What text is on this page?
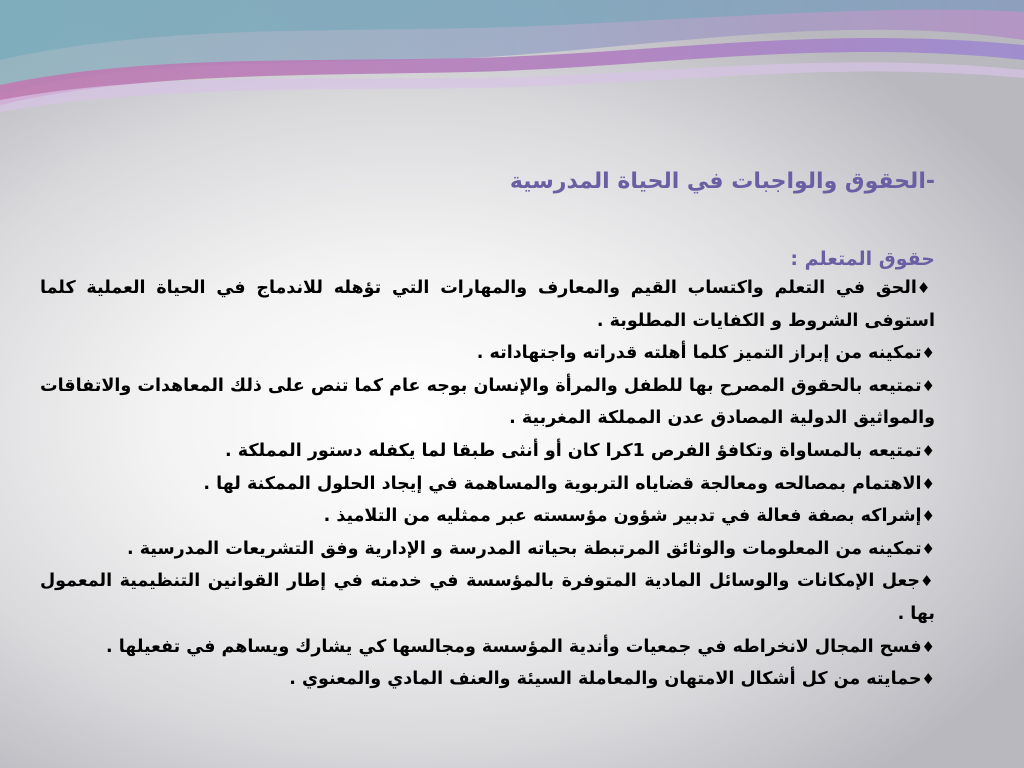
-الحقوق والواجبات في الحياة المدرسية
حقوق المتعلم :
♦الحق في التعلم واكتساب القيم والمعارف والمهارات التي تؤهله للاندماج في الحياة العملية كلما استوفى الشروط و الكفايات المطلوبة .
♦تمكينه من إبراز التميز كلما أهلته قدراته واجتهاداته .
♦تمتيعه بالحقوق المصرح بها للطفل والمرأة والإنسان بوجه عام كما تنص على ذلك المعاهدات والاتفاقات والمواثيق الدولية المصادق عدن المملكة المغربية .
♦تمتيعه بالمساواة وتكافؤ الفرص 1كرا كان أو أنثى طبقا لما يكفله دستور المملكة .
♦الاهتمام بمصالحه ومعالجة قضاياه التربوية والمساهمة في إيجاد الحلول الممكنة لها .
♦إشراكه بصفة فعالة في تدبير شؤون مؤسسته عبر ممثليه من التلاميذ .
♦تمكينه من المعلومات والوثائق المرتبطة بحياته المدرسة و الإدارية وفق التشريعات المدرسية .
♦جعل الإمكانات والوسائل المادية المتوفرة بالمؤسسة في خدمته في إطار القوانين التنظيمية المعمول بها .
♦فسح المجال لانخراطه في جمعيات وأندية المؤسسة ومجالسها كي يشارك ويساهم في تفعيلها .
♦حمايته من كل أشكال الامتهان والمعاملة السيئة والعنف المادي والمعنوي .
